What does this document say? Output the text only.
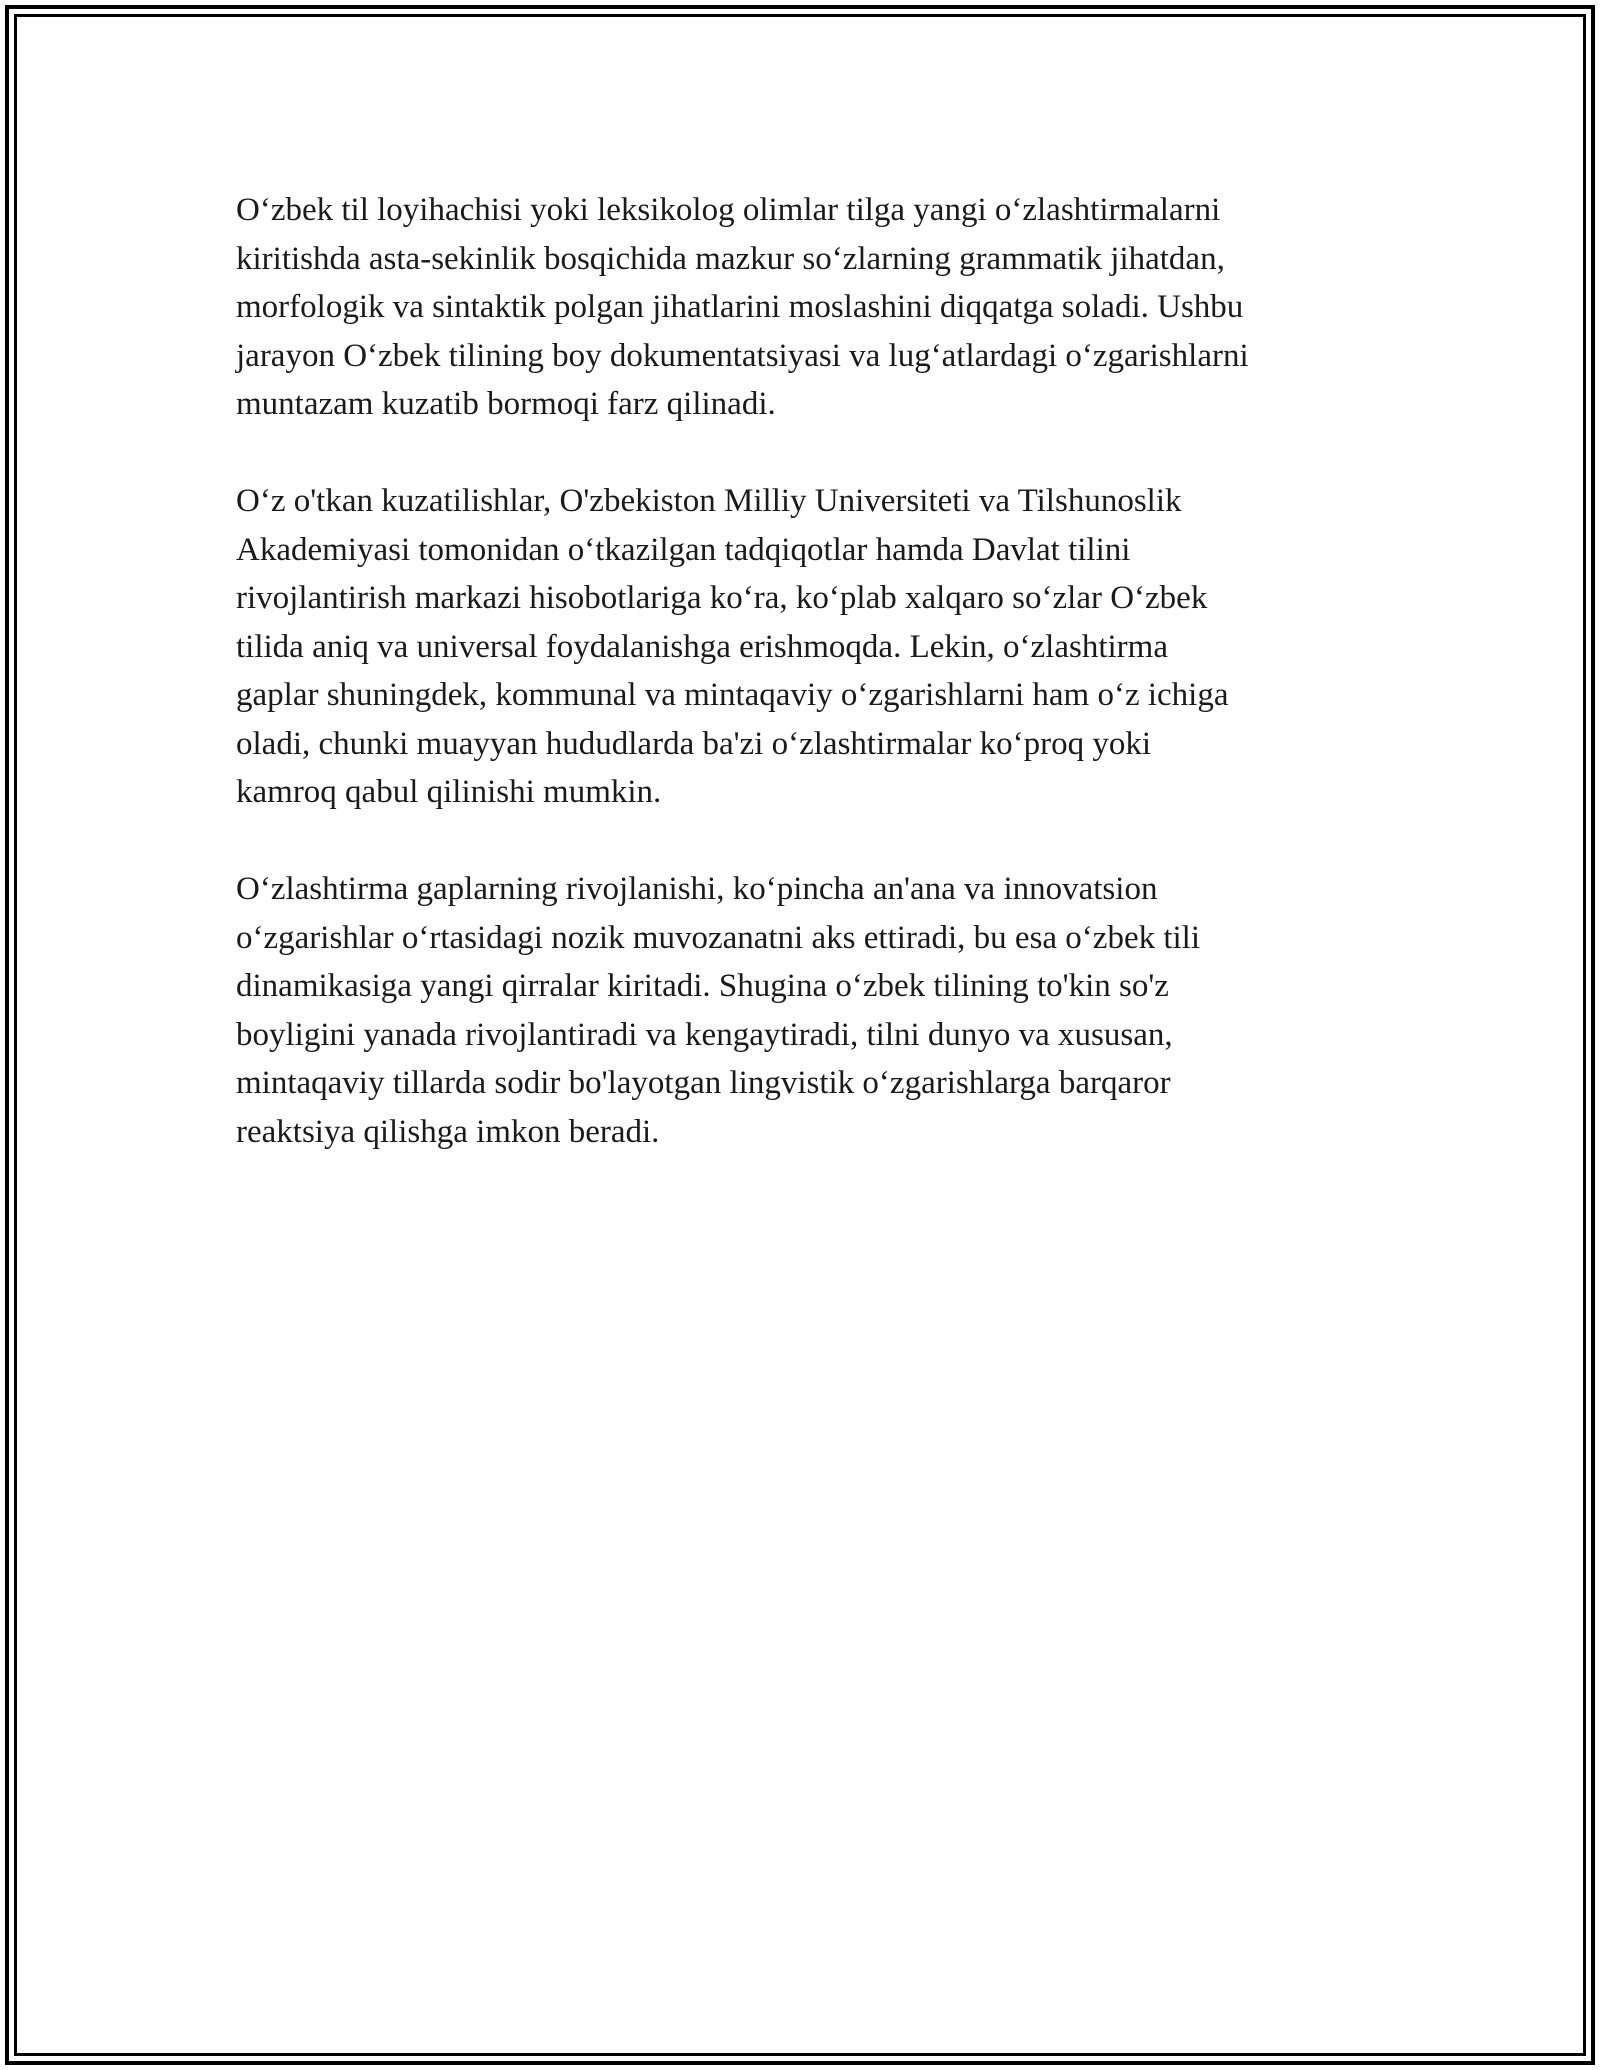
O‘zbek til loyihachisi yoki leksikolog olimlar tilga yangi o‘zlashtirmalarni
kiritishda asta-sekinlik bosqichida mazkur so‘zlarning grammatik jihatdan,
morfologik va sintaktik polgan jihatlarini moslashini diqqatga soladi. Ushbu
jarayon O‘zbek tilining boy dokumentatsiyasi va lug‘atlardagi o‘zgarishlarni
muntazam kuzatib bormoqi farz qilinadi.

O‘z o'tkan kuzatilishlar, O'zbekiston Milliy Universiteti va Tilshunoslik
Akademiyasi tomonidan o‘tkazilgan tadqiqotlar hamda Davlat tilini
rivojlantirish markazi hisobotlariga ko‘ra, ko‘plab xalqaro so‘zlar O‘zbek
tilida aniq va universal foydalanishga erishmoqda. Lekin, o‘zlashtirma
gaplar shuningdek, kommunal va mintaqaviy o‘zgarishlarni ham o‘z ichiga
oladi, chunki muayyan hududlarda ba'zi o‘zlashtirmalar ko‘proq yoki
kamroq qabul qilinishi mumkin.

O‘zlashtirma gaplarning rivojlanishi, ko‘pincha an'ana va innovatsion
o‘zgarishlar o‘rtasidagi nozik muvozanatni aks ettiradi, bu esa o‘zbek tili
dinamikasiga yangi qirralar kiritadi. Shugina o‘zbek tilining to'kin so'z
boyligini yanada rivojlantiradi va kengaytiradi, tilni dunyo va xususan,
mintaqaviy tillarda sodir bo'layotgan lingvistik o‘zgarishlarga barqaror
reaktsiya qilishga imkon beradi.
